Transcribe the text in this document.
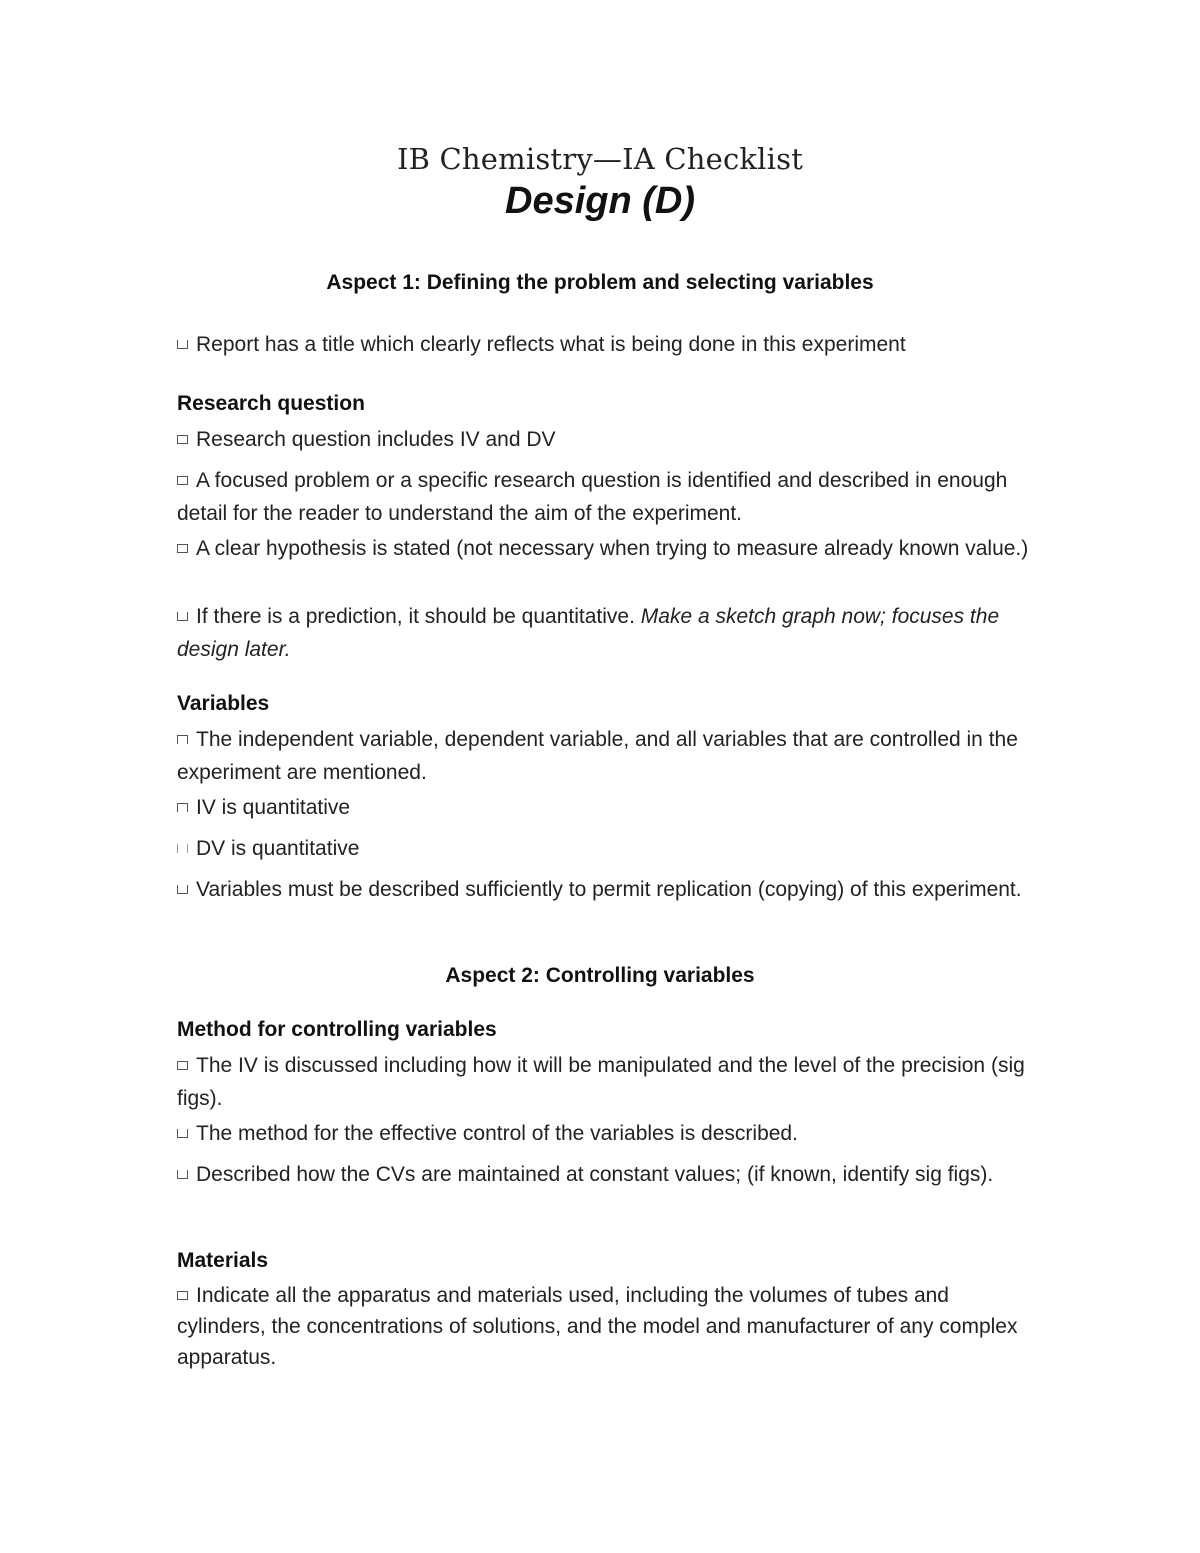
IB Chemistry—IA Checklist
Design (D)
Aspect 1: Defining the problem and selecting variables
Report has a title which clearly reflects what is being done in this experiment
Research question
Research question includes IV and DV
A focused problem or a specific research question is identified and described in enough detail for the reader to understand the aim of the experiment.
A clear hypothesis is stated (not necessary when trying to measure already known value.)
If there is a prediction, it should be quantitative. Make a sketch graph now; focuses the design later.
Variables
The independent variable, dependent variable, and all variables that are controlled in the experiment are mentioned.
IV is quantitative
DV is quantitative
Variables must be described sufficiently to permit replication (copying) of this experiment.
Aspect 2: Controlling variables
Method for controlling variables
The IV is discussed including how it will be manipulated and the level of the precision (sig figs).
The method for the effective control of the variables is described.
Described how the CVs are maintained at constant values; (if known, identify sig figs).
Materials
Indicate all the apparatus and materials used, including the volumes of tubes and cylinders, the concentrations of solutions, and the model and manufacturer of any complex apparatus.
